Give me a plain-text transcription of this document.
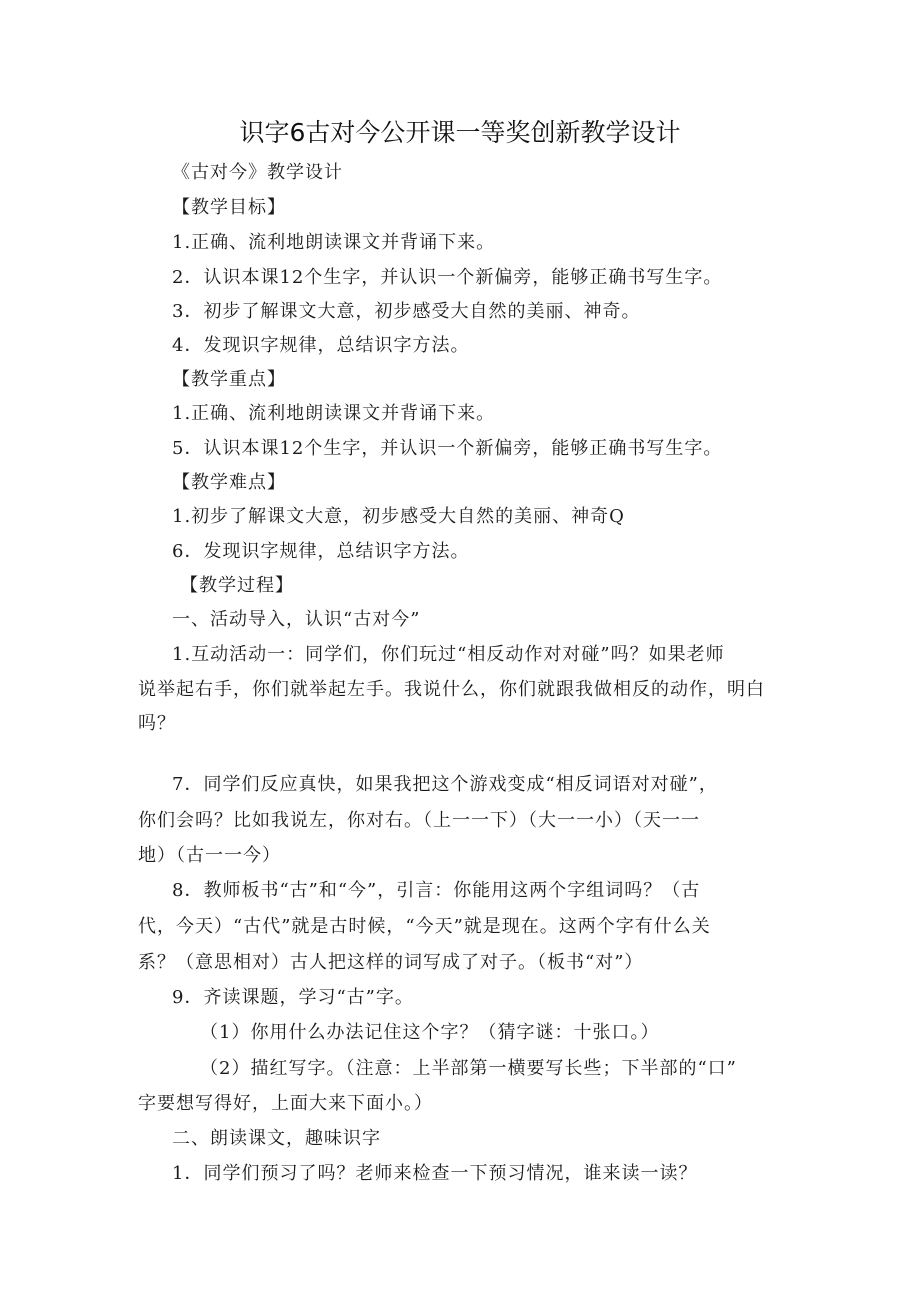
识字6古对今公开课一等奖创新教学设计
《古对今》教学设计
【教学目标】
1.正确、流利地朗读课文并背诵下来。
2．认识本课12个生字，并认识一个新偏旁，能够正确书写生字。
3．初步了解课文大意，初步感受大自然的美丽、神奇。
4．发现识字规律，总结识字方法。
【教学重点】
1.正确、流利地朗读课文并背诵下来。
5．认识本课12个生字，并认识一个新偏旁，能够正确书写生字。
【教学难点】
1.初步了解课文大意，初步感受大自然的美丽、神奇Q
6．发现识字规律，总结识字方法。
【教学过程】
一、活动导入，认识“古对今”
1.互动活动一：同学们，你们玩过“相反动作对对碰”吗？如果老师
说举起右手，你们就举起左手。我说什么，你们就跟我做相反的动作，明白
吗？
7．同学们反应真快，如果我把这个游戏变成“相反词语对对碰”，
你们会吗？比如我说左，你对右。（上一一下）（大一一小）（天一一
地）（古一一今）
8．教师板书“古”和“今”，引言：你能用这两个字组词吗？（古
代，今天）“古代”就是古时候，“今天”就是现在。这两个字有什么关
系？（意思相对）古人把这样的词写成了对子。（板书“对”）
9．齐读课题，学习“古”字。
（1）你用什么办法记住这个字？（猜字谜：十张口。）
（2）描红写字。（注意：上半部第一横要写长些；下半部的“口”
字要想写得好，上面大来下面小。）
二、朗读课文，趣味识字
1．同学们预习了吗？老师来检查一下预习情况，谁来读一读？
